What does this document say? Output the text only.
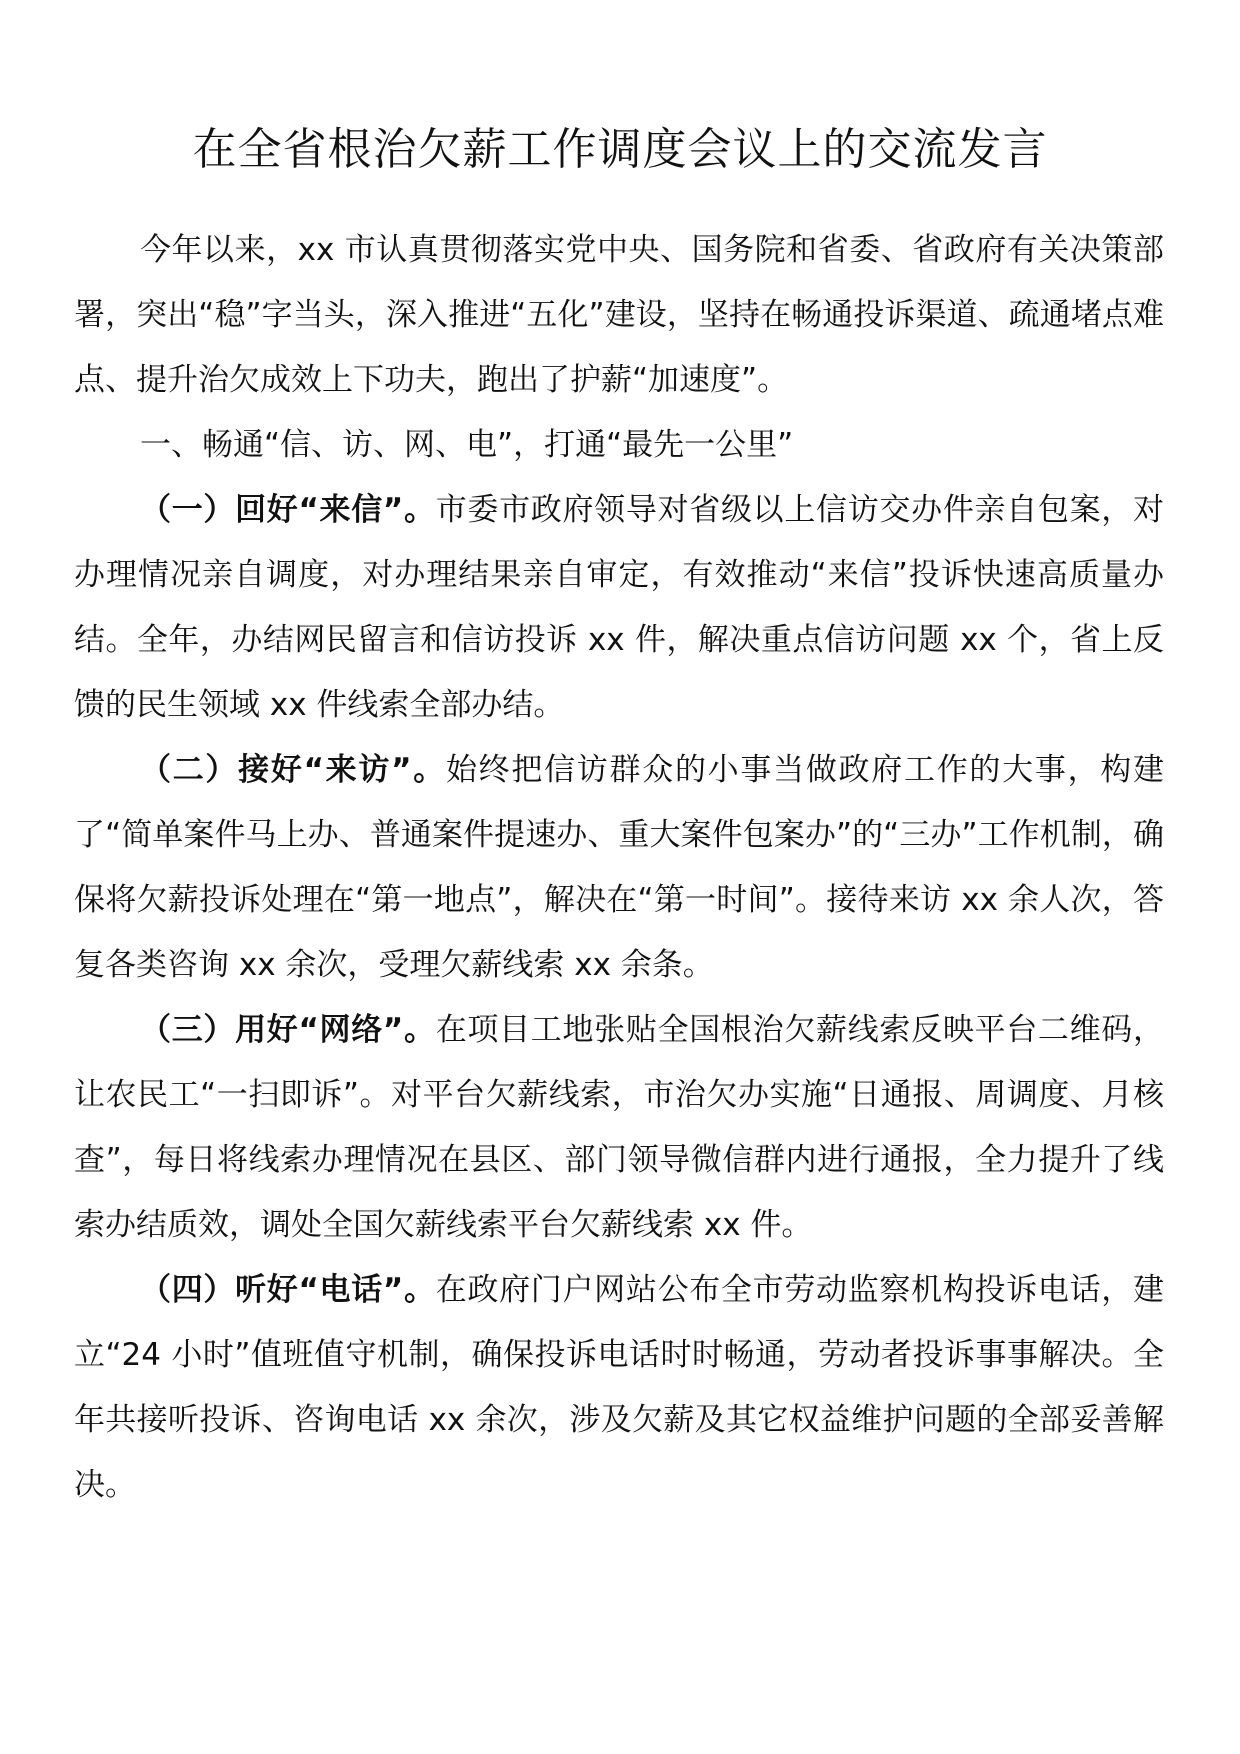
在全省根治欠薪工作调度会议上的交流发言

今年以来，xx 市认真贯彻落实党中央、国务院和省委、省政府有关决策部署，突出“稳”字当头，深入推进“五化”建设，坚持在畅通投诉渠道、疏通堵点难点、提升治欠成效上下功夫，跑出了护薪“加速度”。

一、畅通“信、访、网、电”，打通“最先一公里”

（一）回好“来信”。市委市政府领导对省级以上信访交办件亲自包案，对办理情况亲自调度，对办理结果亲自审定，有效推动“来信”投诉快速高质量办结。全年，办结网民留言和信访投诉 xx 件，解决重点信访问题 xx 个，省上反馈的民生领域 xx 件线索全部办结。

（二）接好“来访”。始终把信访群众的小事当做政府工作的大事，构建了“简单案件马上办、普通案件提速办、重大案件包案办”的“三办”工作机制，确保将欠薪投诉处理在“第一地点”，解决在“第一时间”。接待来访 xx 余人次，答复各类咨询 xx 余次，受理欠薪线索 xx 余条。

（三）用好“网络”。在项目工地张贴全国根治欠薪线索反映平台二维码，让农民工“一扫即诉”。对平台欠薪线索，市治欠办实施“日通报、周调度、月核查”，每日将线索办理情况在县区、部门领导微信群内进行通报，全力提升了线索办结质效，调处全国欠薪线索平台欠薪线索 xx 件。

（四）听好“电话”。在政府门户网站公布全市劳动监察机构投诉电话，建立“24 小时”值班值守机制，确保投诉电话时时畅通，劳动者投诉事事解决。全年共接听投诉、咨询电话 xx 余次，涉及欠薪及其它权益维护问题的全部妥善解决。
